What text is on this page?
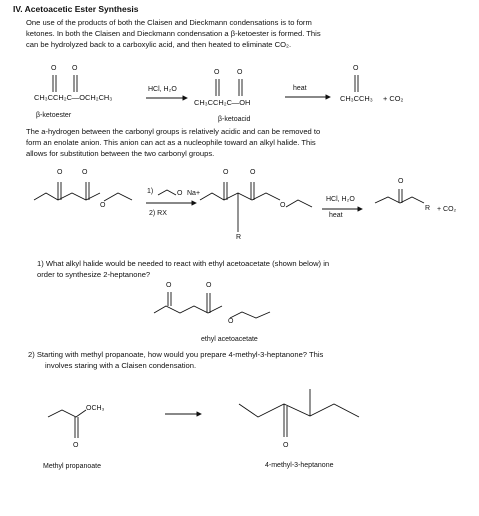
IV. Acetoacetic Ester Synthesis
One use of the products of both the Claisen and Dieckmann condensations is to form
ketones. In both the Claisen and Dieckmann condensation a β-ketoester is formed. This
can be hydrolyzed back to a carboxylic acid, and then heated to eliminate CO₂.
CH₃CCH₂C—OCH₂CH₃
HCl, H₂O
CH₃CCH₂C—OH
heat
CH₃CCH₃ + CO₂
β-ketoester
β-ketoacid
O O
O	O
O
The a-hydrogen between the carbonyl groups is relatively acidic and can be removed to
form an enolate anion. This anion can act as a nucleophile toward an alkyl halide. This
allows for substitution between the two carbonyl groups.
1)	O Na+
2) RX
R
HCl, H₂O
heat
R + CO₂
O	O	O	O
O
O
O
1) What alkyl halide would be needed to react with ethyl acetoacetate (shown below) in
order to synthesize 2-heptanone?
O	O
O
ethyl acetoacetate
2) Starting with methyl propanoate, how would you prepare 4-methyl-3-heptanone? This
involves staring with a Claisen condensation.
OCH₃
O
Methyl propanoate
O
4-methyl-3-heptanone
